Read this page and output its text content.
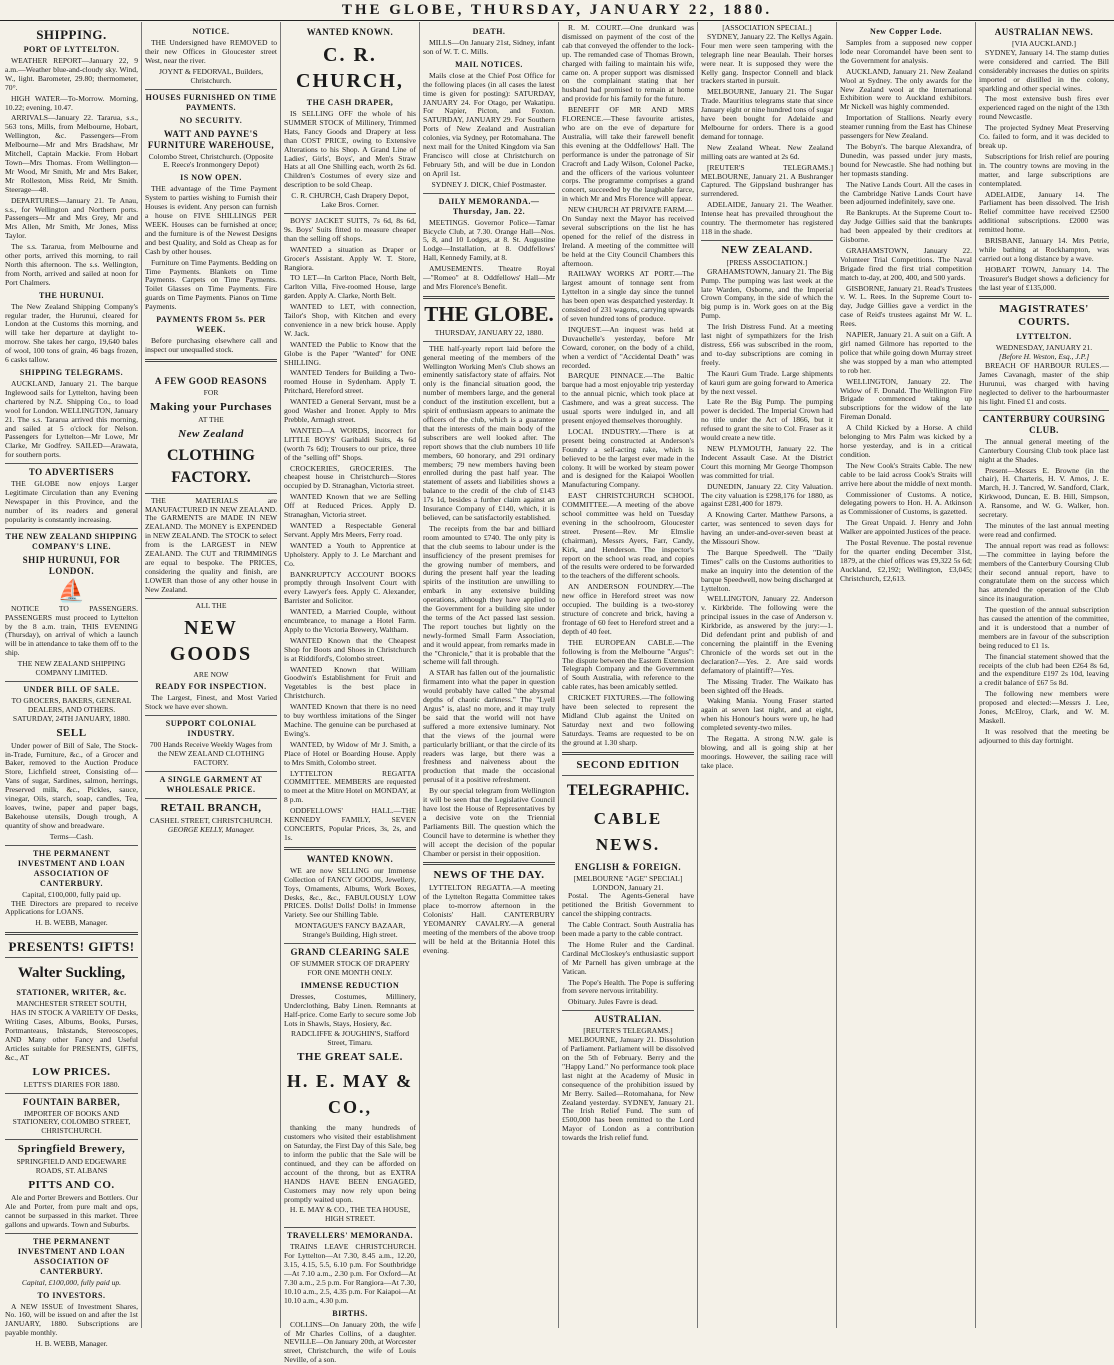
THE GLOBE, THURSDAY, JANUARY 22, 1880.
SHIPPING.
PORT OF LYTTELTON.

WEATHER REPORT—January 22, 9 a.m.—Weather blue-and-cloudy sky. Wind, W., light. Barometer, 29.80; thermometer, 70°.

HIGH WATER—To-Morrow. Morning, 10.22; evening, 10.47.

ARRIVALS—January 22. Tararua, s.s., 563 tons, Mills, from Melbourne, Hobart, Wellington, &c. Passengers—From Melbourne—Mr and Mrs Bradshaw, Mr Mitchell, Captain Mackie. From Hobart Town—Mrs Thomas. From Wellington—Mr Wood, Mr Smith, Mr and Mrs Baker, Mr Rolleston, Miss Reid, Mr Smith. Steerage—48.

DEPARTURES—January 21. Te Anau, s.s., for Wellington and Northern ports. Passengers—Mr and Mrs Grey, Mr and Mrs Allen, Mr Smith, Mr Jones, Miss Taylor.

The s.s. Tararua, from Melbourne and other ports, arrived this morning, to rail North this afternoon. The s.s. Wellington, from North, arrived and sailed at noon for Port Chalmers.

THE HURUNUI.

The New Zealand Shipping Company's regular trader, the Hurunui, cleared for London at the Customs this morning, and will take her departure at daylight to-morrow. She takes her cargo, 19,640 bales of wool, 100 tons of grain, 46 bags frozen, 6 casks tallow.

SHIPPING TELEGRAMS.

AUCKLAND, January 21. The barque Inglewood sails for Lyttelton, having been chartered by N.Z. Shipping Co., to load wool for London. WELLINGTON, January 21. The s.s. Tararua arrived this morning, and sailed at 5 o'clock for Nelson. Passengers for Lyttelton—Mr Lowe, Mr Clarke, Mr Godfrey. SAILED—Arawata, for southern ports.

TO ADVERTISERS

THE GLOBE now enjoys Larger Legitimate Circulation than any Evening Newspaper in this Province, and the number of its readers and general popularity is constantly increasing.

THE NEW ZEALAND SHIPPING COMPANY'S LINE.
SHIP HURUNUI, FOR LONDON.
⛵

NOTICE TO PASSENGERS. PASSENGERS must proceed to Lyttelton by the 8 a.m. train, THIS EVENING (Thursday), on arrival of which a launch will be in attendance to take them off to the ship.

THE NEW ZEALAND SHIPPING COMPANY LIMITED.
UNDER BILL OF SALE.
TO GROCERS, BAKERS, GENERAL DEALERS, AND OTHERS.
SATURDAY, 24TH JANUARY, 1880.
SELL

Under power of Bill of Sale, The Stock-in-Trade, Furniture, &c., of a Grocer and Baker, removed to the Auction Produce Store, Lichfield street, Consisting of— Vans of sugar, Sardines, salmon, herrings, Preserved milk, &c., Pickles, sauce, vinegar, Oils, starch, soap, candles, Tea, loaves, twine, paper and paper bags, Bakehouse utensils, Dough trough, A quantity of show and breadware.

Terms—Cash.
THE PERMANENT INVESTMENT AND LOAN ASSOCIATION OF CANTERBURY.
Capital, £100,000, fully paid up.

THE Directors are prepared to receive Applications for LOANS.

H. B. WEBB, Manager.
PRESENTS! GIFTS!
Walter Suckling,
STATIONER, WRITER, &c.
MANCHESTER STREET SOUTH,

HAS IN STOCK A VARIETY OF Desks, Writing Cases, Albums, Books, Purses, Portmanteaus, Inkstands, Stereoscopes, AND Many other Fancy and Useful Articles suitable for PRESENTS, GIFTS, &c., AT

LOW PRICES.
LETTS'S DIARIES FOR 1880.
FOUNTAIN BARBER,
IMPORTER OF BOOKS AND STATIONERY, COLOMBO STREET, CHRISTCHURCH.
Springfield Brewery,
SPRINGFIELD AND EDGEWARE ROADS, ST. ALBANS
PITTS AND CO.

Ale and Porter Brewers and Bottlers. Our Ale and Porter, from pure malt and ops, cannot be surpassed in this market. Three gallons and upwards. Town and Suburbs.

THE PERMANENT INVESTMENT AND LOAN ASSOCIATION OF CANTERBURY.
Capital, £100,000, fully paid up.
TO INVESTORS.

A NEW ISSUE of Investment Shares, No. 160, will be issued on and after the 1st JANUARY, 1880. Subscriptions are payable monthly.

H. B. WEBB, Manager.
NOTICE.

THE Undersigned have REMOVED to their new Offices in Gloucester street West, near the river.

JOYNT & FEDORVAL, Builders, Christchurch.
HOUSES FURNISHED ON TIME PAYMENTS.
NO SECURITY.
WATT AND PAYNE'S FURNITURE WAREHOUSE,
Colombo Street, Christchurch. (Opposite E. Reece's Ironmongery Depot)
IS NOW OPEN.

THE advantage of the Time Payment System to parties wishing to Furnish their Houses is evident. Any person can furnish a house on FIVE SHILLINGS PER WEEK. Houses can be furnished at once; and the furniture is of the Newest Designs and best Quality, and Sold as Cheap as for Cash by other houses.

Furniture on Time Payments. Bedding on Time Payments. Blankets on Time Payments. Carpets on Time Payments. Toilet Glasses on Time Payments. Fire guards on Time Payments. Pianos on Time Payments.

PAYMENTS FROM 5s. PER WEEK.

Before purchasing elsewhere call and inspect our unequalled stock.

A FEW GOOD REASONS
FOR
Making your Purchases
AT THE
New Zealand
CLOTHING FACTORY.

THE MATERIALS are MANUFACTURED IN NEW ZEALAND. The GARMENTS are MADE IN NEW ZEALAND. The MONEY is EXPENDED in NEW ZEALAND. The STOCK to select from is the LARGEST in NEW ZEALAND. The CUT and TRIMMINGS are equal to bespoke. The PRICES, considering the quality and finish, are LOWER than those of any other house in New Zealand.

ALL THE
NEW GOODS
ARE NOW
READY FOR INSPECTION.

The Largest, Finest, and Most Varied Stock we have ever shown.

SUPPORT COLONIAL INDUSTRY.
700 Hands Receive Weekly Wages from the NEW ZEALAND CLOTHING FACTORY.
A SINGLE GARMENT AT WHOLESALE PRICE.
RETAIL BRANCH,
CASHEL STREET, CHRISTCHURCH.
GEORGE KELLY, Manager.
WANTED KNOWN.
C. R. CHURCH,
THE CASH DRAPER,

IS SELLING OFF the whole of his SUMMER STOCK of Millinery, Trimmed Hats, Fancy Goods and Drapery at less than COST PRICE, owing to Extensive Alterations to his Shop. A Grand Line of Ladies', Girls', Boys', and Men's Straw Hats at all One Shilling each, worth 2s 6d. Children's Costumes of every size and description to be sold Cheap.

C. R. CHURCH, Cash Drapery Depot, Lake Bros. Corner.

BOYS' JACKET SUITS, 7s 6d, 8s 6d, 9s. Boys' Suits fitted to measure cheaper than the selling off shops.

WANTED a situation as Draper or Grocer's Assistant. Apply W. T. Store, Rangiora.

TO LET—In Carlton Place, North Belt, Carlton Villa, Five-roomed House, large garden. Apply A. Clarke, North Belt.

WANTED to LET, with connection, Tailor's Shop, with Kitchen and every convenience in a new brick house. Apply W. Jack.

WANTED the Public to Know that the Globe is the Paper "Wanted" for ONE SHILLING.

WANTED Tenders for Building a Two-roomed House in Sydenham. Apply T. Pritchard, Hereford street.

WANTED a General Servant, must be a good Washer and Ironer. Apply to Mrs Prebble, Armagh street.

WANTED—A WORDS, incorrect for LITTLE BOYS' Garibaldi Suits, 4s 6d (worth 7s 6d); Trousers to our price, three of the "selling off" Shops.

CROCKERIES, GROCERIES. The cheapest house in Christchurch—Stores occupied by D. Stranaghan, Victoria street.

WANTED Known that we are Selling Off at Reduced Prices. Apply D. Stranaghan, Victoria street.

WANTED a Respectable General Servant. Apply Mrs Meers, Ferry road.

WANTED a Youth to Apprentice at Upholstery. Apply to J. Le Marchant and Co.

BANKRUPTCY ACCOUNT BOOKS promptly through Insolvent Court with every Lawyer's fees. Apply C. Alexander, Barrister and Solicitor.

WANTED, a Married Couple, without encumbrance, to manage a Hotel Farm. Apply to the Victoria Brewery, Waltham.

WANTED Known that the Cheapest Shop for Boots and Shoes in Christchurch is at Riddiford's, Colombo street.

WANTED Known that William Goodwin's Establishment for Fruit and Vegetables is the best place in Christchurch.

WANTED Known that there is no need to buy worthless imitations of the Singer Machine. The genuine can be purchased at Ewing's.

WANTED, by Widow of Mr J. Smith, a Place of Hotel or Boarding House. Apply to Mrs Smith, Colombo street.

LYTTELTON REGATTA COMMITTEE. MEMBERS are requested to meet at the Mitre Hotel on MONDAY, at 8 p.m.

ODDFELLOWS' HALL.—THE KENNEDY FAMILY, SEVEN CONCERTS, Popular Prices, 3s, 2s, and 1s.

WANTED KNOWN.

WE are now SELLING our Immense Collection of FANCY GOODS, Jewellery, Toys, Ornaments, Albums, Work Boxes, Desks, &c., &c., FABULOUSLY LOW PRICES. Dolls! Dolls! Dolls! in Immense Variety. See our Shilling Table.

MONTAGUE'S FANCY BAZAAR, Strange's Building, High street.
GRAND CLEARING SALE
OF SUMMER STOCK OF DRAPERY FOR ONE MONTH ONLY.
IMMENSE REDUCTION

Dresses, Costumes, Millinery, Underclothing, Baby Linen. Remnants at Half-price. Come Early to secure some Job Lots in Shawls, Stays, Hosiery, &c.

RADCLIFFE & JOUGHIN'S, Stafford Street, Timaru.
THE GREAT SALE.
H. E. MAY & CO.,

thanking the many hundreds of customers who visited their establishment on Saturday, the First Day of this Sale, beg to inform the public that the Sale will be continued, and they can be afforded on account of the throng, but as EXTRA HANDS HAVE BEEN ENGAGED, Customers may now rely upon being promptly waited upon.

H. E. MAY & CO., THE TEA HOUSE, HIGH STREET.
TRAVELLERS' MEMORANDA.

TRAINS LEAVE CHRISTCHURCH. For Lyttelton—At 7.30, 8.45 a.m., 12.20, 3.15, 4.15, 5.5, 6.10 p.m. For Southbridge—At 7.10 a.m., 2.30 p.m. For Oxford—At 7.30 a.m., 2.5 p.m. For Rangiora—At 7.30, 10.10 a.m., 2.5, 4.35 p.m. For Kaiapoi—At 10.10 a.m., 4.30 p.m.

BIRTHS.

COLLINS—On January 20th, the wife of Mr Charles Collins, of a daughter. NEVILLE—On January 20th, at Worcester street, Christchurch, the wife of Louis Neville, of a son.

DEATH.

MILLS—On January 21st, Sidney, infant son of W. T. C. Mills.

MAIL NOTICES.

Mails close at the Chief Post Office for the following places (in all cases the latest time is given for posting): SATURDAY, JANUARY 24. For Otago, per Wakatipu. For Napier, Picton, and Foxton. SATURDAY, JANUARY 29. For Southern Ports of New Zealand and Australian colonies, via Sydney, per Rotomahana. The next mail for the United Kingdom via San Francisco will close at Christchurch on February 5th, and will be due in London on April 1st.

SYDNEY J. DICK, Chief Postmaster.
DAILY MEMORANDA.—Thursday, Jan. 22.

MEETINGS. Governor Police—Tamar Bicycle Club, at 7.30. Orange Hall—Nos. 5, 8, and 10 Lodges, at 8. St. Augustine Lodge—Installation, at 8. Oddfellows' Hall, Kennedy Family, at 8.

AMUSEMENTS. Theatre Royal—"Romeo" at 8. Oddfellows' Hall—Mr and Mrs Florence's Benefit.

THE GLOBE.
THURSDAY, JANUARY 22, 1880.

THE half-yearly report laid before the general meeting of the members of the Wellington Working Men's Club shows an eminently satisfactory state of affairs. Not only is the financial situation good, the number of members large, and the general conduct of the institution excellent, but a spirit of enthusiasm appears to animate the officers of the club, which is a guarantee that the interests of the main body of the subscribers are well looked after. The report shows that the club numbers 10 life members, 60 honorary, and 291 ordinary members; 79 new members having been enrolled during the past half year. The statement of assets and liabilities shows a balance to the credit of the club of £143 17s 1d, besides a further claim against an Insurance Company of £140, which, it is believed, can be satisfactorily established.

The receipts from the bar and billiard room amounted to £740. The only pity is that the club seems to labour under is the insufficiency of the present premises for the growing number of members, and during the present half year the leading spirits of the institution are unwilling to embark in any extensive building operations, although they have applied to the Government for a building site under the terms of the Act passed last session. The report touches but lightly on the newly-formed Small Farm Association, and it would appear, from remarks made in the "Chronicle," that it is probable that the scheme will fall through.

A STAR has fallen out of the journalistic firmament into what the paper in question would probably have called "the abysmal depths of chaotic darkness." The "Lyell Argus" is, alas! no more, and it may truly be said that the world will not have suffered a more extensive luminary. Not that the views of the journal were particularly brilliant, or that the circle of its readers was large, but there was a freshness and naiveness about the production that made the occasional perusal of it a positive refreshment.

By our special telegram from Wellington it will be seen that the Legislative Council have lost the House of Representatives by a decisive vote on the Triennial Parliaments Bill. The question which the Council have to determine is whether they will accept the decision of the popular Chamber or persist in their opposition.

NEWS OF THE DAY.

LYTTELTON REGATTA.—A meeting of the Lyttelton Regatta Committee takes place to-morrow afternoon in the Colonists' Hall. CANTERBURY YEOMANRY CAVALRY.—A general meeting of the members of the above troop will be held at the Britannia Hotel this evening.

R. M. COURT.—One drunkard was dismissed on payment of the cost of the cab that conveyed the offender to the lock-up. The remanded case of Thomas Brown, charged with failing to maintain his wife, came on. A proper support was dismissed on the complainant stating that her husband had promised to remain at home and provide for his family for the future.

BENEFIT OF MR AND MRS FLORENCE.—These favourite artistes, who are on the eve of departure for Australia, will take their farewell benefit this evening at the Oddfellows' Hall. The performance is under the patronage of Sir Cracroft and Lady Wilson, Colonel Packe, and the officers of the various volunteer corps. The programme comprises a grand concert, succeeded by the laughable farce, in which Mr and Mrs Florence will appear.

NEW CHURCH AT PRIVATE FARM.—On Sunday next the Mayor has received several subscriptions on the list he has opened for the relief of the distress in Ireland. A meeting of the committee will be held at the City Council Chambers this afternoon.

RAILWAY WORKS AT PORT.—The largest amount of tonnage sent from Lyttelton in a single day since the tunnel has been open was despatched yesterday. It consisted of 231 wagons, carrying upwards of seven hundred tons of produce.

INQUEST.—An inquest was held at Duvauchelle's yesterday, before Mr Coward, coroner, on the body of a child, when a verdict of "Accidental Death" was recorded.

BARQUE PINNACE.—The Baltic barque had a most enjoyable trip yesterday to the annual picnic, which took place at Cashmere, and was a great success. The usual sports were indulged in, and all present enjoyed themselves thoroughly.

LOCAL INDUSTRY.—There is at present being constructed at Anderson's Foundry a self-acting rake, which is believed to be the largest ever made in the colony. It will be worked by steam power and is designed for the Kaiapoi Woollen Manufacturing Company.

EAST CHRISTCHURCH SCHOOL COMMITTEE.—A meeting of the above school committee was held on Tuesday evening in the schoolroom, Gloucester street. Present—Rev. Mr Elmslie (chairman), Messrs Ayers, Farr, Candy, Kirk, and Henderson. The inspector's report on the school was read, and copies of the results were ordered to be forwarded to the teachers of the different schools.

AN ANDERSON FOUNDRY.—The new office in Hereford street was now occupied. The building is a two-storey structure of concrete and brick, having a frontage of 60 feet to Hereford street and a depth of 40 feet.

THE EUROPEAN CABLE.—The following is from the Melbourne "Argus": The dispute between the Eastern Extension Telegraph Company and the Government of South Australia, with reference to the cable rates, has been amicably settled.

CRICKET FIXTURES.—The following have been selected to represent the Midland Club against the United on Saturday next and two following Saturdays. Teams are requested to be on the ground at 1.30 sharp.

SECOND EDITION
TELEGRAPHIC.
CABLE NEWS.
ENGLISH & FOREIGN.
[MELBOURNE "AGE" SPECIAL]
LONDON, January 21.

Postal. The Agents-General have petitioned the British Government to cancel the shipping contracts.

The Cable Contract. South Australia has been made a party to the cable contract.

The Home Ruler and the Cardinal. Cardinal McCloskey's enthusiastic support of Mr Parnell has given umbrage at the Vatican.

The Pope's Health. The Pope is suffering from severe nervous irritability.

Obituary. Jules Favre is dead.

AUSTRALIAN.
[REUTER'S TELEGRAMS.]

MELBOURNE, January 21. Dissolution of Parliament. Parliament will be dissolved on the 5th of February. Berry and the "Happy Land." No performance took place last night at the Academy of Music in consequence of the prohibition issued by Mr Berry. Sailed—Rotomahana, for New Zealand yesterday. SYDNEY, January 21. The Irish Relief Fund. The sum of £500,000 has been remitted to the Lord Mayor of London as a contribution towards the Irish relief fund.

[ASSOCIATION SPECIAL.]

SYDNEY, January 22. The Kellys Again. Four men were seen tampering with the telegraph line near Beaulah. Their horses were near. It is supposed they were the Kelly gang. Inspector Connell and black trackers started in pursuit.

MELBOURNE, January 21. The Sugar Trade. Mauritius telegrams state that since January eight or nine hundred tons of sugar have been bought for Adelaide and Melbourne for orders. There is a good demand for tonnage.

New Zealand Wheat. New Zealand milling oats are wanted at 2s 6d.

[REUTER'S TELEGRAMS.] MELBOURNE, January 21. A Bushranger Captured. The Gippsland bushranger has surrendered.

ADELAIDE, January 21. The Weather. Intense heat has prevailed throughout the country. The thermometer has registered 118 in the shade.

NEW ZEALAND.
[PRESS ASSOCIATION.]

GRAHAMSTOWN, January 21. The Big Pump. The pumping was last week at the late Warden, Osborne, and the Imperial Crown Company, in the side of which the big pump is in. Work goes on at the Big Pump.

The Irish Distress Fund. At a meeting last night of sympathizers for the Irish distress, £66 was subscribed in the room, and to-day subscriptions are coming in freely.

The Kauri Gum Trade. Large shipments of kauri gum are going forward to America by the next vessel.

Late Re the Big Pump. The pumping power is decided. The Imperial Crown had no title under the Act of 1866, but it refused to grant the site to Col. Fraser as it would create a new title.

NEW PLYMOUTH, January 22. The Indecent Assault Case. At the District Court this morning Mr George Thompson was committed for trial.

DUNEDIN, January 22. City Valuation. The city valuation is £298,176 for 1880, as against £281,400 for 1879.

A Knowing Carter. Matthew Parsons, a carter, was sentenced to seven days for having an under-and-over-seven beast at the Missouri Show.

The Barque Speedwell. The "Daily Times" calls on the Customs authorities to make an inquiry into the detention of the barque Speedwell, now being discharged at Lyttelton.

WELLINGTON, January 22. Anderson v. Kirkbride. The following were the principal issues in the case of Anderson v. Kirkbride, as answered by the jury:—1. Did defendant print and publish of and concerning the plaintiff in the Evening Chronicle of the words set out in the declaration?—Yes. 2. Are said words defamatory of plaintiff?—Yes.

The Missing Trader. The Waikato has been sighted off the Heads.

Waking Mania. Young Fraser started again at seven last night, and at eight, when his Honour's hours were up, he had completed seventy-two miles.

The Regatta. A strong N.W. gale is blowing, and all is going ship at her moorings. However, the sailing race will take place.

New Copper Lode.

Samples from a supposed new copper lode near Coromandel have been sent to the Government for analysis.

AUCKLAND, January 21. New Zealand Wool at Sydney. The only awards for the New Zealand wool at the International Exhibition were to Auckland exhibitors. Mr Nickell was highly commended.

Importation of Stallions. Nearly every steamer running from the East has Chinese passengers for New Zealand.

The Bobyn's. The barque Alexandra, of Dunedin, was passed under jury masts, bound for Newcastle. She had nothing but her topmasts standing.

The Native Lands Court. All the cases in the Cambridge Native Lands Court have been adjourned indefinitely, save one.

Re Bankrupts. At the Supreme Court to-day Judge Gillies said that the bankrupts had been appealed by their creditors at Gisborne.

GRAHAMSTOWN, January 22. Volunteer Trial Competitions. The Naval Brigade fired the first trial competition match to-day, at 200, 400, and 500 yards.

GISBORNE, January 21. Read's Trustees v. W. L. Rees. In the Supreme Court to-day, Judge Gillies gave a verdict in the case of Reid's trustees against Mr W. L. Rees.

NAPIER, January 21. A suit on a Gift. A girl named Gilmore has reported to the police that while going down Murray street she was stopped by a man who attempted to rob her.

WELLINGTON, January 22. The Widow of F. Donald. The Wellington Fire Brigade commenced taking up subscriptions for the widow of the late Fireman Donald.

A Child Kicked by a Horse. A child belonging to Mrs Palm was kicked by a horse yesterday, and is in a critical condition.

The New Cook's Straits Cable. The new cable to be laid across Cook's Straits will arrive here about the middle of next month.

Commissioner of Customs. A notice, delegating powers to Hon. H. A. Atkinson as Commissioner of Customs, is gazetted.

The Great Unpaid. J. Henry and John Walker are appointed Justices of the peace.

The Postal Revenue. The postal revenue for the quarter ending December 31st, 1879, at the chief offices was £9,322 5s 6d; Auckland, £2,192; Wellington, £3,045; Christchurch, £2,613.

AUSTRALIAN NEWS.
[VIA AUCKLAND.]

SYDNEY, January 14. The stamp duties were considered and carried. The Bill considerably increases the duties on spirits imported or distilled in the colony, sparkling and other special wines.

The most extensive bush fires ever experienced raged on the night of the 13th round Newcastle.

The projected Sydney Meat Preserving Co. failed to form, and it was decided to break up.

Subscriptions for Irish relief are pouring in. The country towns are moving in the matter, and large subscriptions are contemplated.

ADELAIDE, January 14. The Parliament has been dissolved. The Irish Relief committee have received £2500 additional subscriptions. £2000 was remitted home.

BRISBANE, January 14. Mrs Petrie, while bathing at Rockhampton, was carried out a long distance by a wave.

HOBART TOWN, January 14. The Treasurer's Budget shows a deficiency for the last year of £135,000.

MAGISTRATES' COURTS.
LYTTELTON.
WEDNESDAY, JANUARY 21.
[Before H. Weston, Esq., J.P.]

BREACH OF HARBOUR RULES.—James Cavanagh, master of the ship Hurunui, was charged with having neglected to deliver to the harbourmaster his light. Fined £1 and costs.

CANTERBURY COURSING CLUB.

The annual general meeting of the Canterbury Coursing Club took place last night at the Shades.

Present—Messrs E. Browne (in the chair), H. Charteris, H. V. Amos, J. E. March, H. J. Tancred, W. Sandford, Clark, Kirkwood, Duncan, E. B. Hill, Simpson, A. Ransome, and W. G. Walker, hon. secretary.

The minutes of the last annual meeting were read and confirmed.

The annual report was read as follows:—The committee in laying before the members of the Canterbury Coursing Club their second annual report, have to congratulate them on the success which has attended the operation of the Club since its inauguration.

The question of the annual subscription has caused the attention of the committee, and it is understood that a number of members are in favour of the subscription being reduced to £1 1s.

The financial statement showed that the receipts of the club had been £264 8s 6d, and the expenditure £197 2s 10d, leaving a credit balance of £67 5s 8d.

The following new members were proposed and elected:—Messrs J. Lee, Jones, McElroy, Clark, and W. M. Maskell.

It was resolved that the meeting be adjourned to this day fortnight.
